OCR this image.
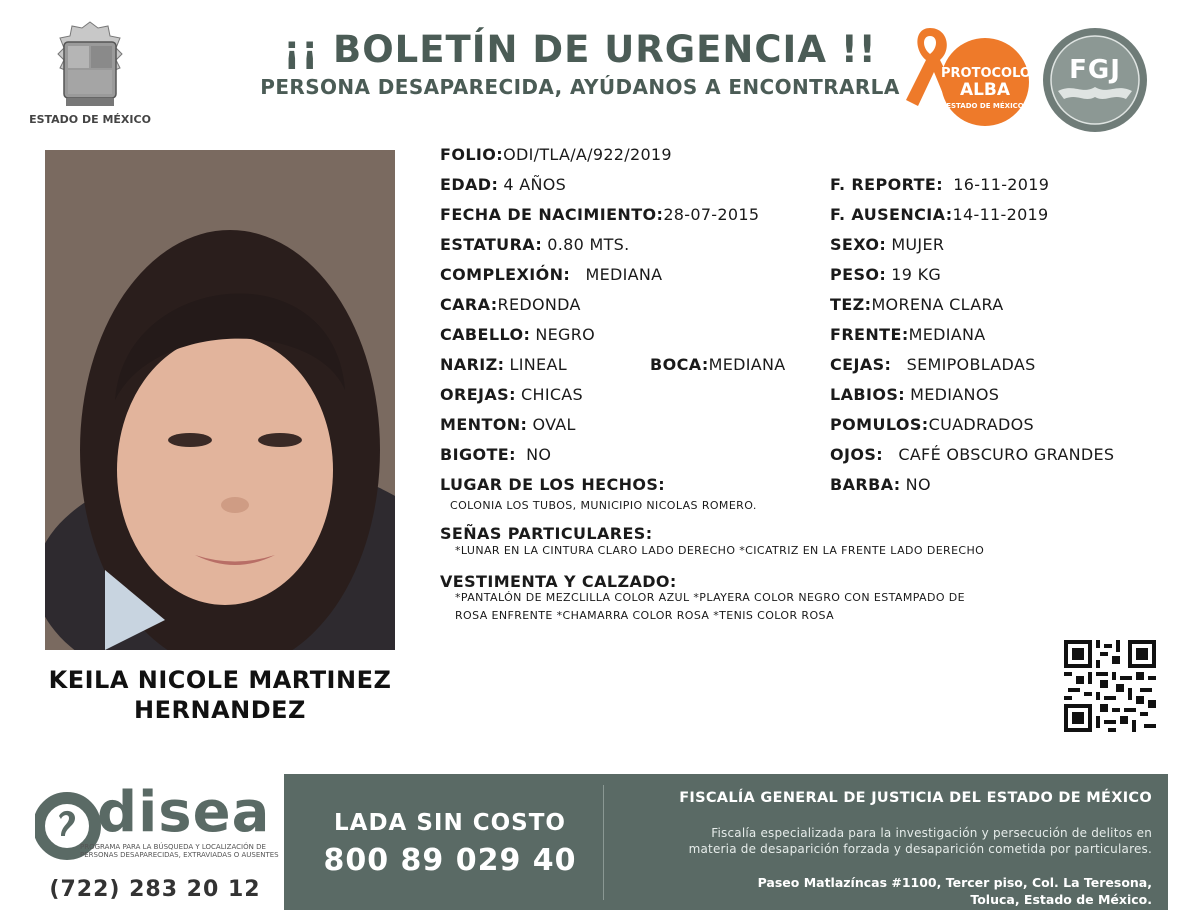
ESTADO DE MÉXICO
¡¡ BOLETÍN DE URGENCIA !!
PERSONA DESAPARECIDA, AYÚDANOS A ENCONTRARLA
PROTOCOLO
ALBA
ESTADO DE MÉXICO
FGJ
KEILA NICOLE MARTINEZ
HERNANDEZ
FOLIO:ODI/TLA/A/922/2019
EDAD: 4 AÑOS
FECHA DE NACIMIENTO:28-07-2015
ESTATURA: 0.80 MTS.
COMPLEXIÓN: MEDIANA
CARA:REDONDA
CABELLO: NEGRO
NARIZ: LINEAL	BOCA:MEDIANA
OREJAS: CHICAS
MENTON: OVAL
BIGOTE: NO
F. REPORTE: 16-11-2019
F. AUSENCIA:14-11-2019
SEXO: MUJER
PESO: 19 KG
TEZ:MORENA CLARA
FRENTE:MEDIANA
CEJAS: SEMIPOBLADAS
LABIOS: MEDIANOS
POMULOS:CUADRADOS
OJOS: CAFÉ OBSCURO GRANDES
BARBA: NO
LUGAR DE LOS HECHOS:
COLONIA LOS TUBOS, MUNICIPIO NICOLAS ROMERO.
SEÑAS PARTICULARES:
*LUNAR EN LA CINTURA CLARO LADO DERECHO *CICATRIZ EN LA FRENTE LADO DERECHO
VESTIMENTA Y CALZADO:
*PANTALÓN DE MEZCLILLA COLOR AZUL *PLAYERA COLOR NEGRO CON ESTAMPADO DE
ROSA ENFRENTE *CHAMARRA COLOR ROSA *TENIS COLOR ROSA
disea
PROGRAMA PARA LA BÚSQUEDA Y LOCALIZACIÓN DE PERSONAS DESAPARECIDAS, EXTRAVIADAS O AUSENTES
(722) 283 20 12
LADA SIN COSTO
800 89 029 40
FISCALÍA GENERAL DE JUSTICIA DEL ESTADO DE MÉXICO
Fiscalía especializada para la investigación y persecución de delitos en
materia de desaparición forzada y desaparición cometida por particulares.
Paseo Matlazíncas #1100, Tercer piso, Col. La Teresona,
Toluca, Estado de México.
